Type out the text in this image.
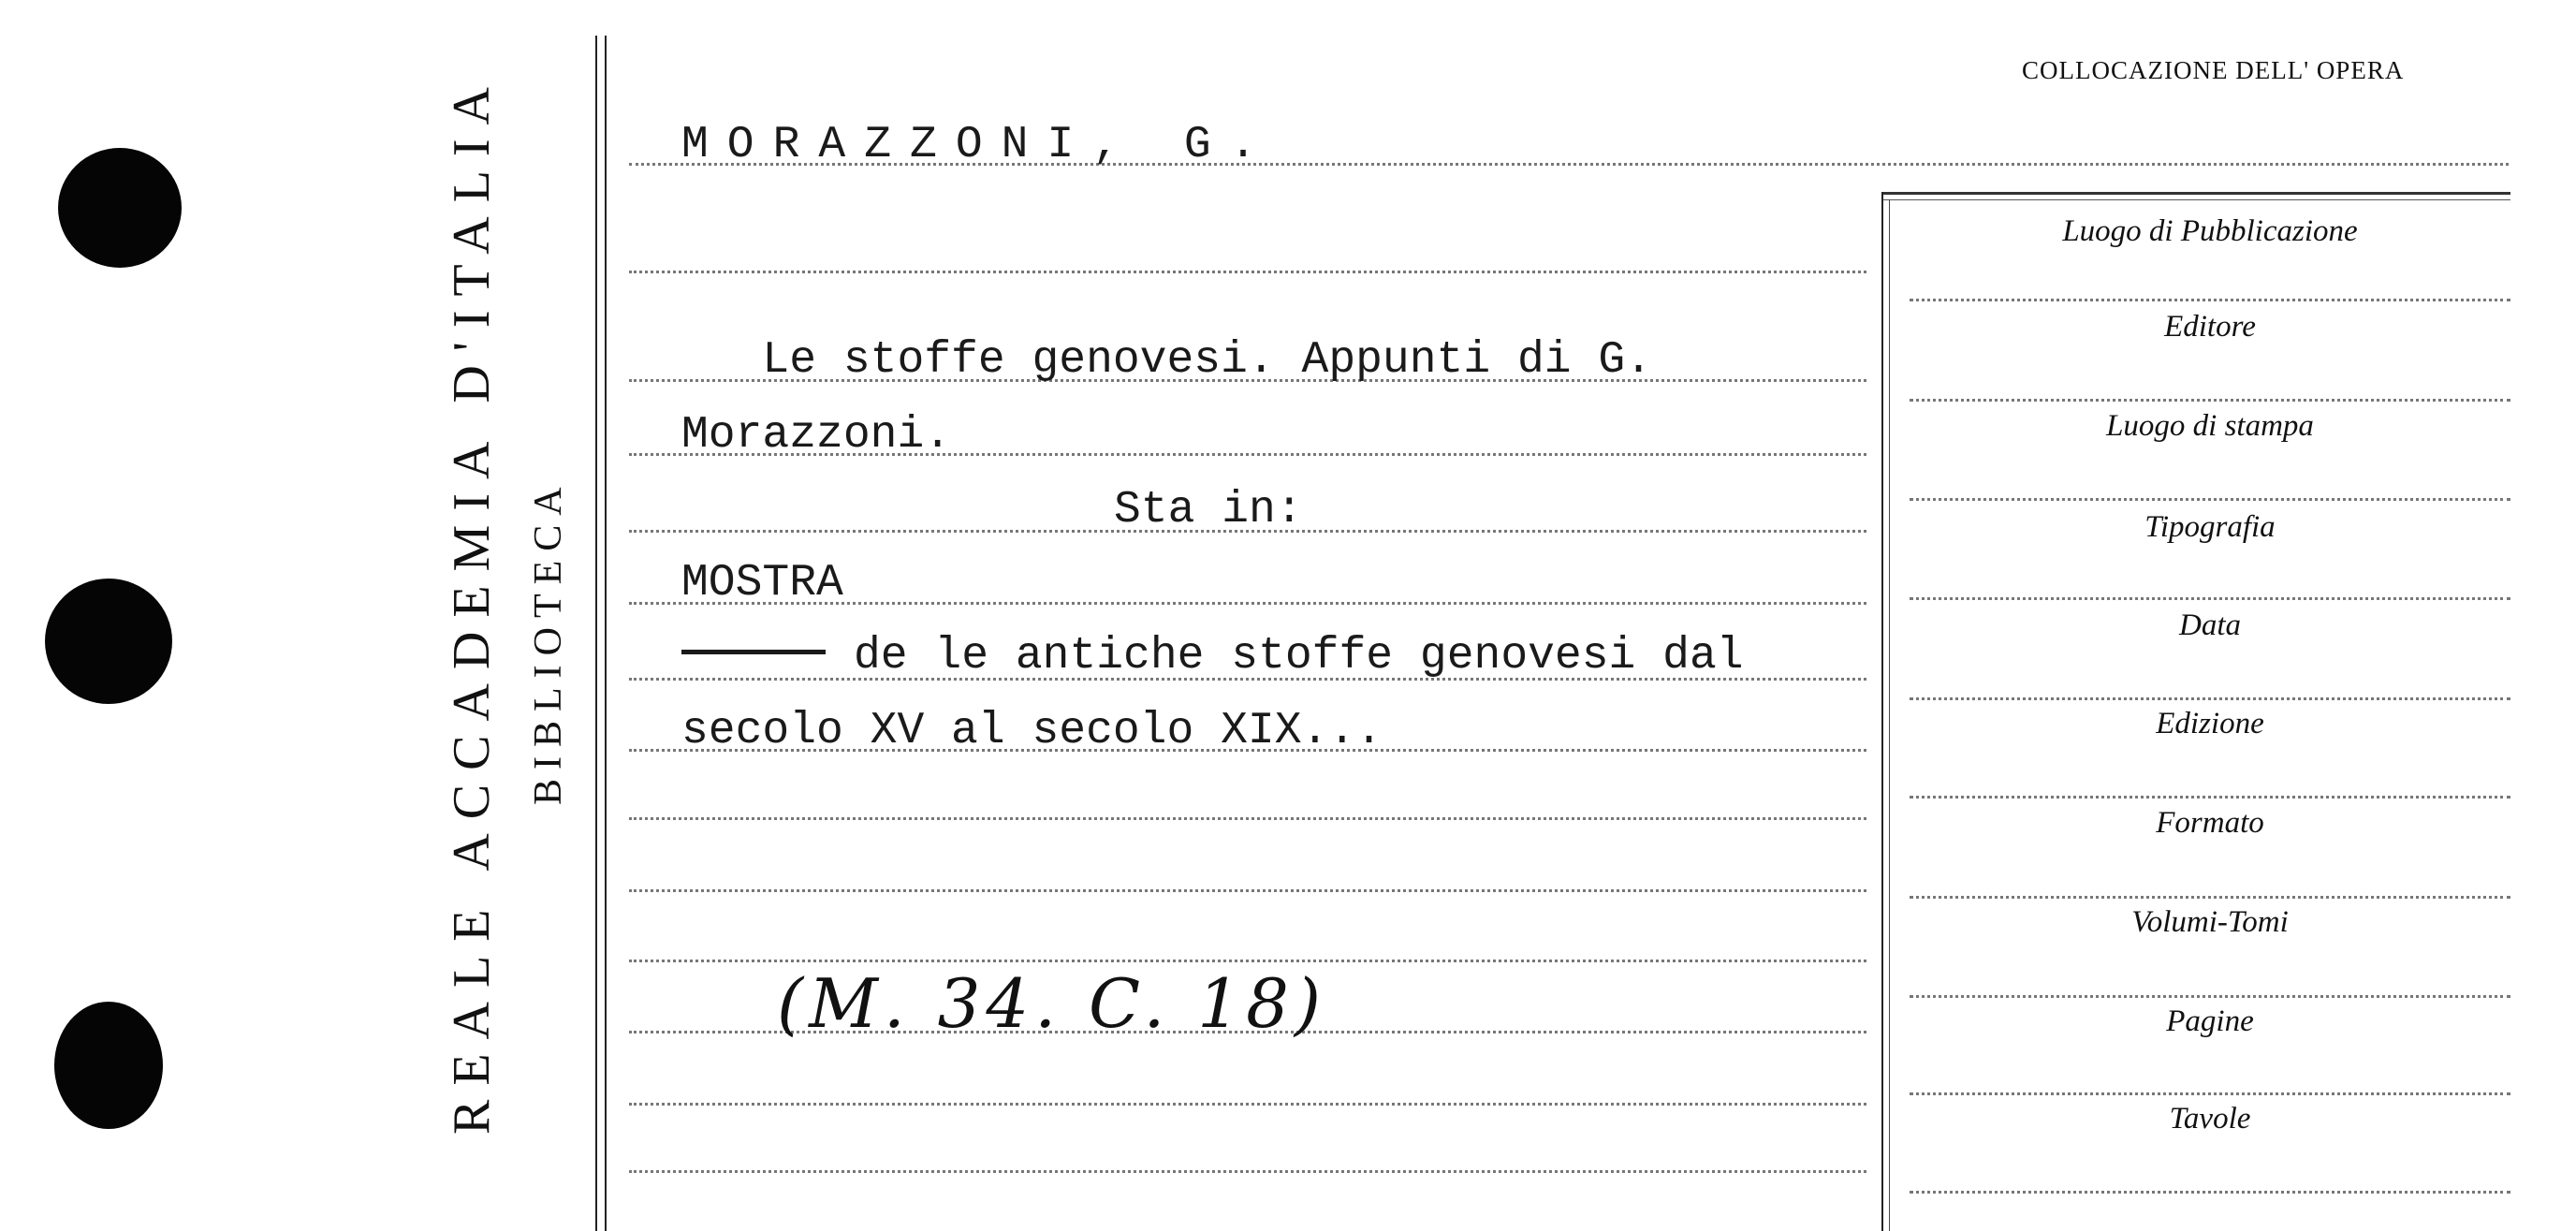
REALE ACCADEMIA D'ITALIA BIBLIOTECA
COLLOCAZIONE DELL' OPERA
MORAZZONI, G.
Le stoffe genovesi. Appunti di G.
Morazzoni.
Sta in:
MOSTRA
de le antiche stoffe genovesi dal
secolo XV al secolo XIX...
(M. 34. C. 18)
Luogo di Pubblicazione
Editore
Luogo di stampa
Tipografia
Data
Edizione
Formato
Volumi-Tomi
Pagine
Tavole
